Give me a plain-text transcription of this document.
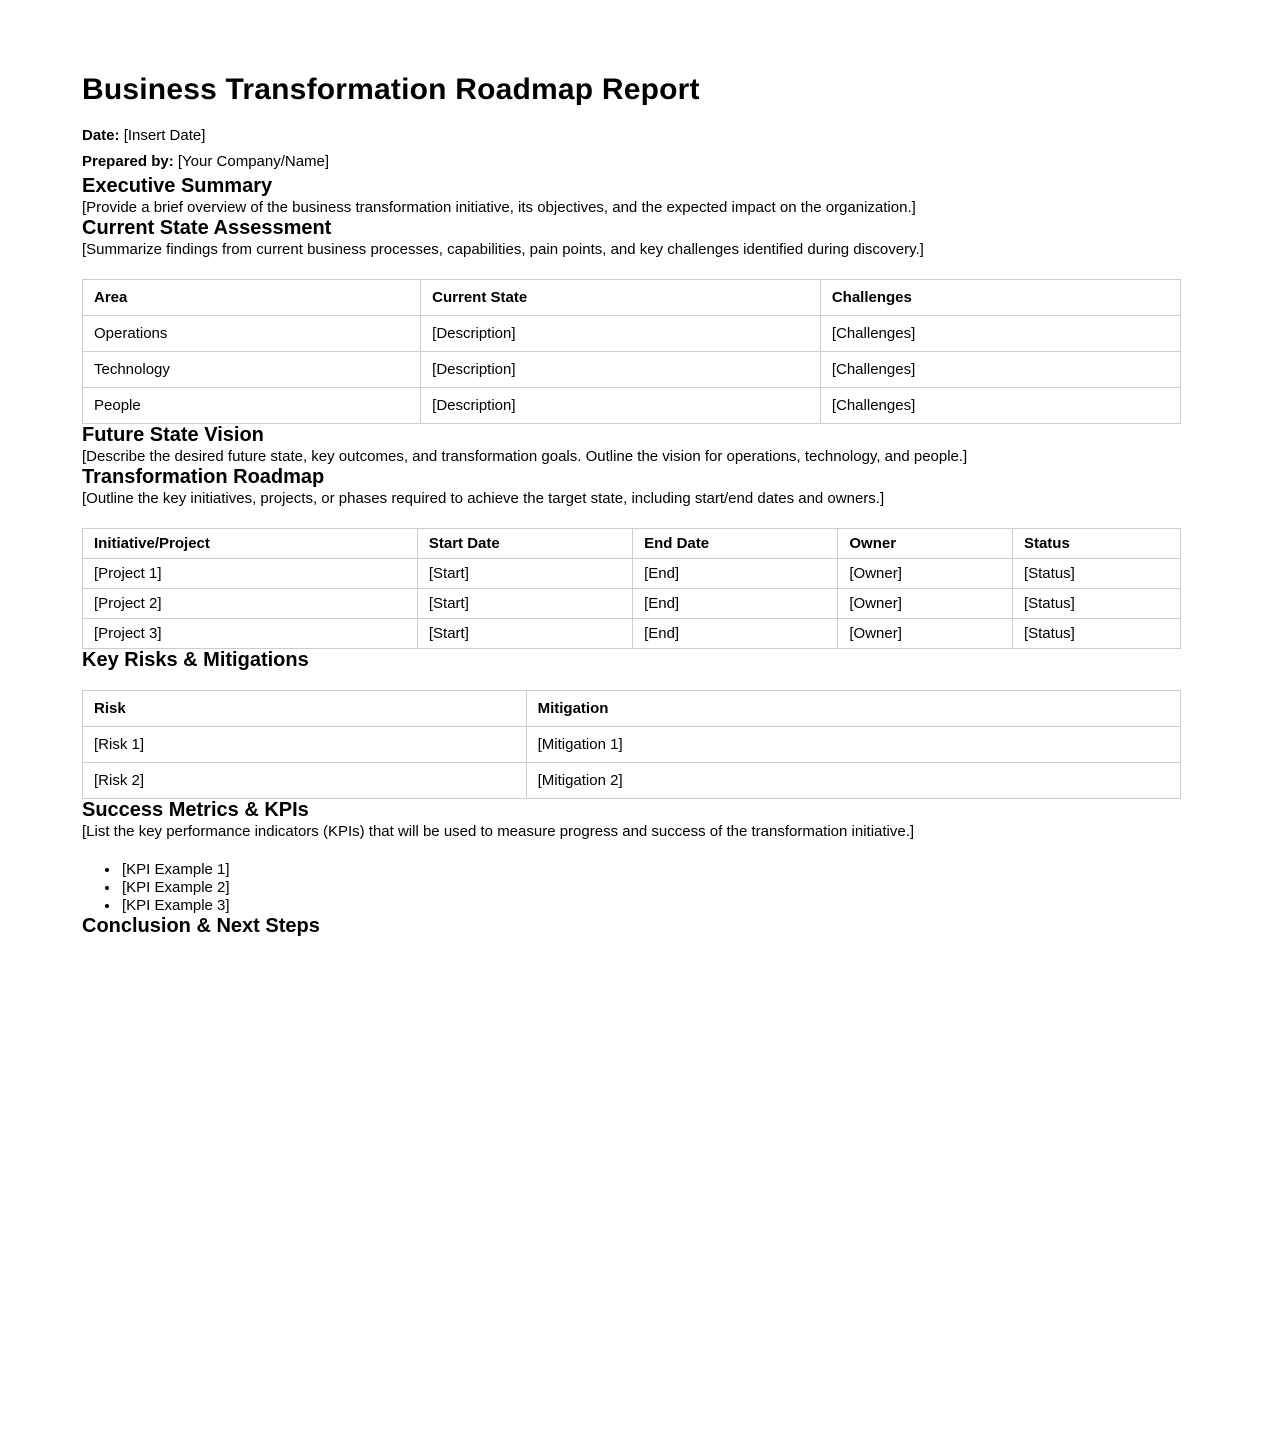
Business Transformation Roadmap Report

Date: [Insert Date]

Prepared by: [Your Company/Name]

Executive Summary

[Provide a brief overview of the business transformation initiative, its objectives, and the expected impact on the organization.]

Current State Assessment

[Summarize findings from current business processes, capabilities, pain points, and key challenges identified during discovery.]

Area	Current State	Challenges
Operations	[Description]	[Challenges]
Technology	[Description]	[Challenges]
People	[Description]	[Challenges]
Future State Vision

[Describe the desired future state, key outcomes, and transformation goals. Outline the vision for operations, technology, and people.]

Transformation Roadmap

[Outline the key initiatives, projects, or phases required to achieve the target state, including start/end dates and owners.]

Initiative/Project	Start Date	End Date	Owner	Status
[Project 1]	[Start]	[End]	[Owner]	[Status]
[Project 2]	[Start]	[End]	[Owner]	[Status]
[Project 3]	[Start]	[End]	[Owner]	[Status]
Key Risks & Mitigations
Risk	Mitigation
[Risk 1]	[Mitigation 1]
[Risk 2]	[Mitigation 2]
Success Metrics & KPIs

[List the key performance indicators (KPIs) that will be used to measure progress and success of the transformation initiative.]

• [KPI Example 1]
• [KPI Example 2]
• [KPI Example 3]
Conclusion & Next Steps
